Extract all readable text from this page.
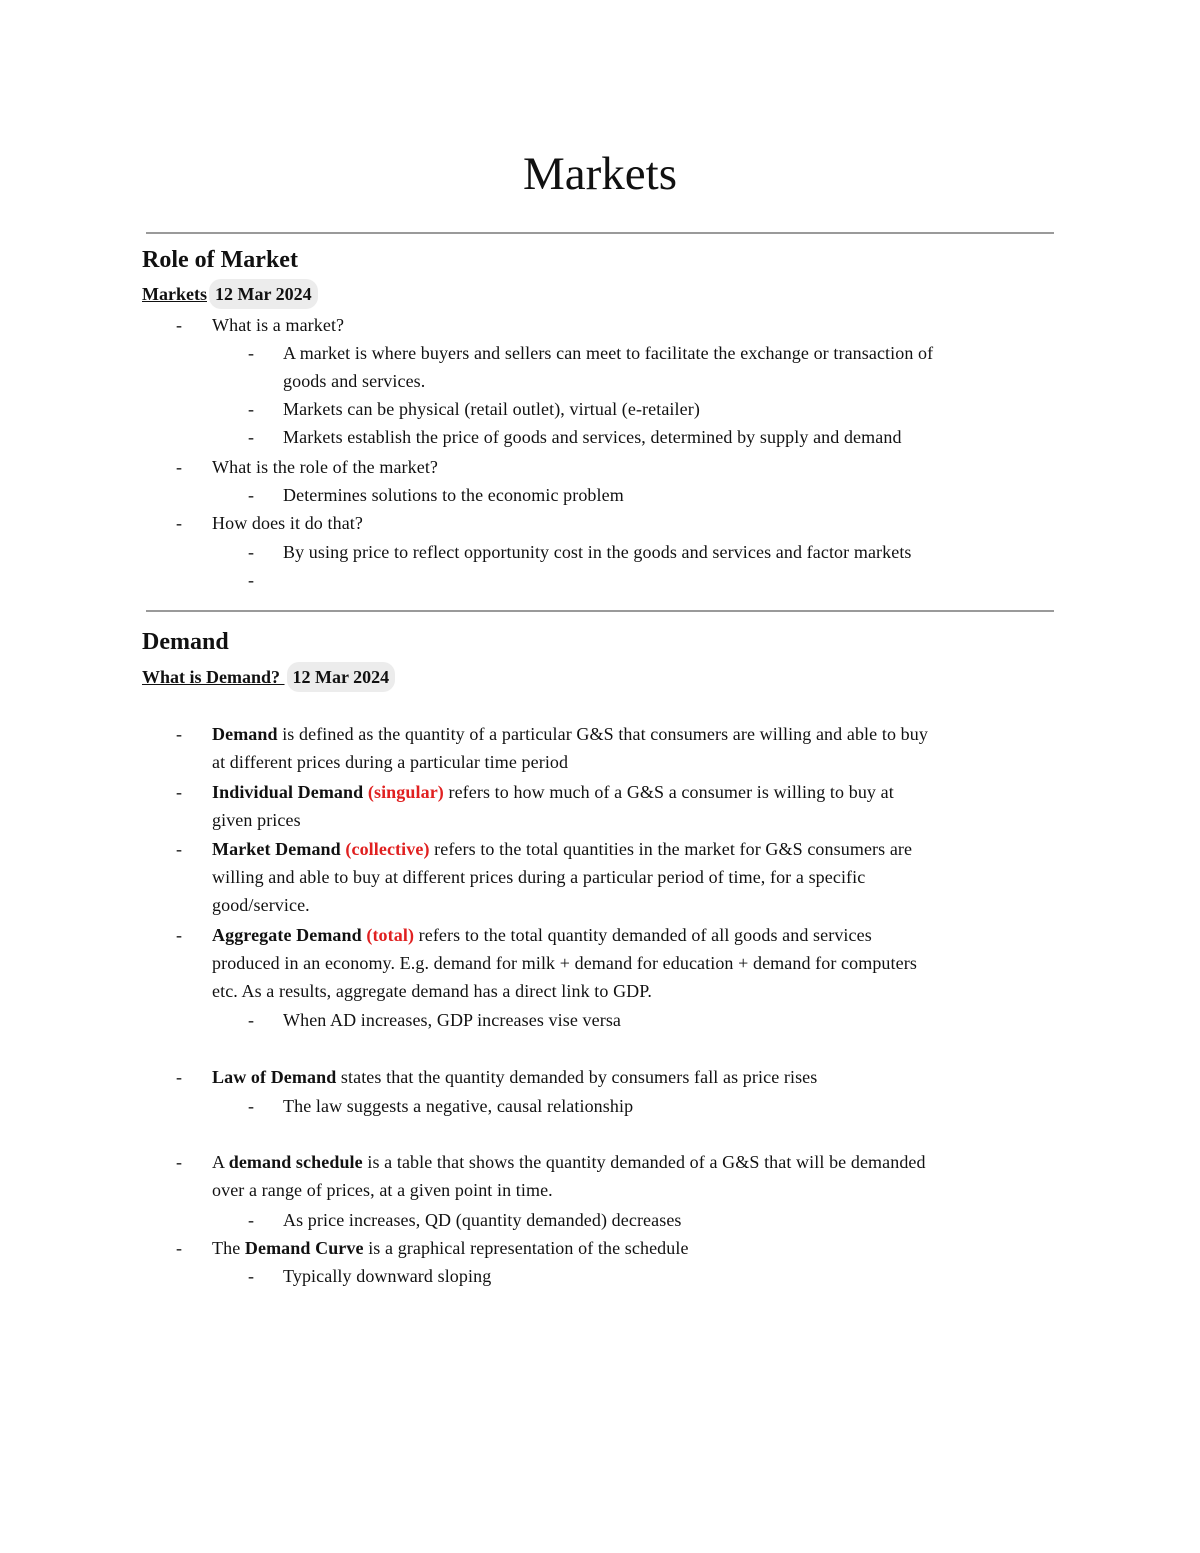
Markets
Role of Market
Markets 12 Mar 2024
- What is a market?
- A market is where buyers and sellers can meet to facilitate the exchange or transaction of
goods and services.
- Markets can be physical (retail outlet), virtual (e-retailer)
- Markets establish the price of goods and services, determined by supply and demand
- What is the role of the market?
- Determines solutions to the economic problem
- How does it do that?
- By using price to reflect opportunity cost in the goods and services and factor markets
-
Demand
What is Demand? 12 Mar 2024
- Demand is defined as the quantity of a particular G&S that consumers are willing and able to buy
at different prices during a particular time period
- Individual Demand (singular) refers to how much of a G&S a consumer is willing to buy at
given prices
- Market Demand (collective) refers to the total quantities in the market for G&S consumers are
willing and able to buy at different prices during a particular period of time, for a specific
good/service.
- Aggregate Demand (total) refers to the total quantity demanded of all goods and services
produced in an economy. E.g. demand for milk + demand for education + demand for computers
etc. As a results, aggregate demand has a direct link to GDP.
- When AD increases, GDP increases vise versa
- Law of Demand states that the quantity demanded by consumers fall as price rises
- The law suggests a negative, causal relationship
- A demand schedule is a table that shows the quantity demanded of a G&S that will be demanded
over a range of prices, at a given point in time.
- As price increases, QD (quantity demanded) decreases
- The Demand Curve is a graphical representation of the schedule
- Typically downward sloping
